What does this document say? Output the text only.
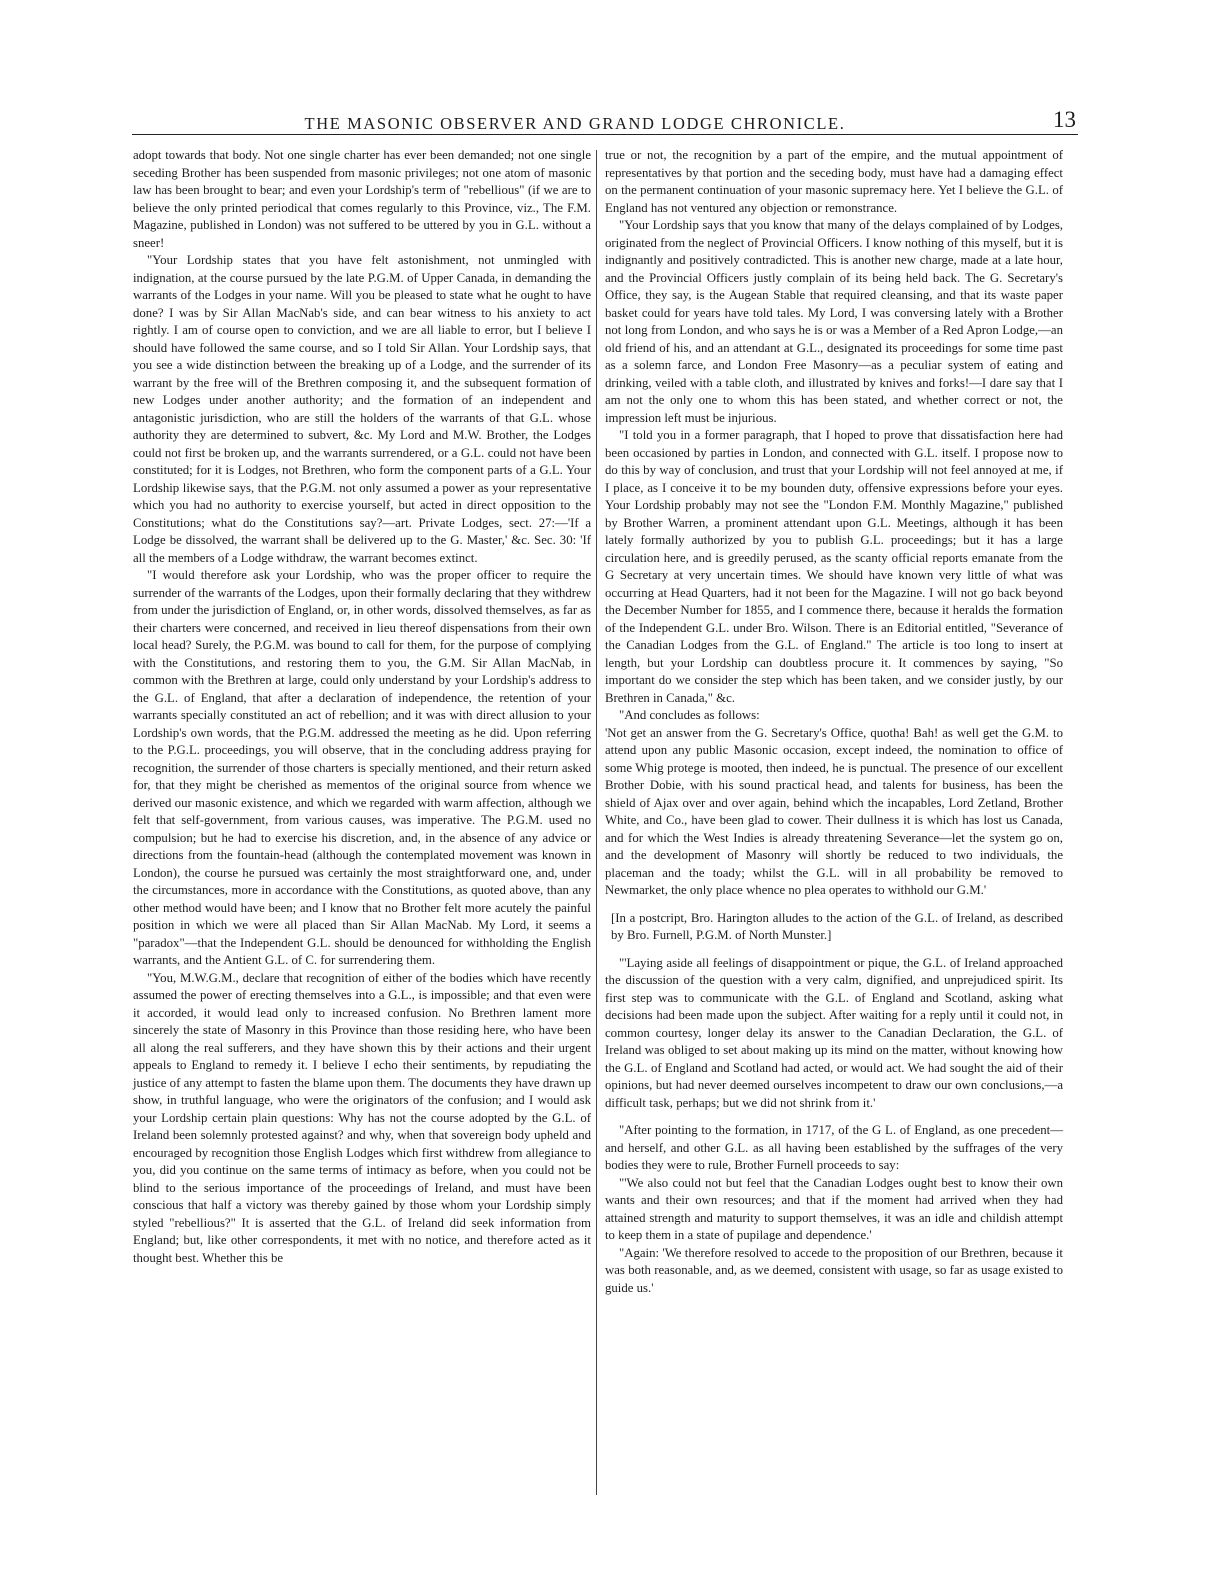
THE MASONIC OBSERVER AND GRAND LODGE CHRONICLE.	13

adopt towards that body. Not one single charter has ever been demanded; not one single seceding Brother has been suspended from masonic privileges; not one atom of masonic law has been brought to bear; and even your Lordship's term of "rebellious" (if we are to believe the only printed periodical that comes regularly to this Province, viz., The F.M. Magazine, published in London) was not suffered to be uttered by you in G.L. without a sneer!

"Your Lordship states that you have felt astonishment, not unmingled with indignation, at the course pursued by the late P.G.M. of Upper Canada, in demanding the warrants of the Lodges in your name. Will you be pleased to state what he ought to have done? I was by Sir Allan MacNab's side, and can bear witness to his anxiety to act rightly. I am of course open to conviction, and we are all liable to error, but I believe I should have followed the same course, and so I told Sir Allan. Your Lordship says, that you see a wide distinction between the breaking up of a Lodge, and the surrender of its warrant by the free will of the Brethren composing it, and the subsequent formation of new Lodges under another authority; and the formation of an independent and antagonistic jurisdiction, who are still the holders of the warrants of that G.L. whose authority they are determined to subvert, &c. My Lord and M.W. Brother, the Lodges could not first be broken up, and the warrants surrendered, or a G.L. could not have been constituted; for it is Lodges, not Brethren, who form the component parts of a G.L. Your Lordship likewise says, that the P.G.M. not only assumed a power as your representative which you had no authority to exercise yourself, but acted in direct opposition to the Constitutions; what do the Constitutions say?—art. Private Lodges, sect. 27:—'If a Lodge be dissolved, the warrant shall be delivered up to the G. Master,' &c. Sec. 30: 'If all the members of a Lodge withdraw, the warrant becomes extinct.

"I would therefore ask your Lordship, who was the proper officer to require the surrender of the warrants of the Lodges, upon their formally declaring that they withdrew from under the jurisdiction of England, or, in other words, dissolved themselves, as far as their charters were concerned, and received in lieu thereof dispensations from their own local head? Surely, the P.G.M. was bound to call for them, for the purpose of complying with the Constitutions, and restoring them to you, the G.M. Sir Allan MacNab, in common with the Brethren at large, could only understand by your Lordship's address to the G.L. of England, that after a declaration of independence, the retention of your warrants specially constituted an act of rebellion; and it was with direct allusion to your Lordship's own words, that the P.G.M. addressed the meeting as he did. Upon referring to the P.G.L. proceedings, you will observe, that in the concluding address praying for recognition, the surrender of those charters is specially mentioned, and their return asked for, that they might be cherished as mementos of the original source from whence we derived our masonic existence, and which we regarded with warm affection, although we felt that self-government, from various causes, was imperative. The P.G.M. used no compulsion; but he had to exercise his discretion, and, in the absence of any advice or directions from the fountain-head (although the contemplated movement was known in London), the course he pursued was certainly the most straightforward one, and, under the circumstances, more in accordance with the Constitutions, as quoted above, than any other method would have been; and I know that no Brother felt more acutely the painful position in which we were all placed than Sir Allan MacNab. My Lord, it seems a "paradox"—that the Independent G.L. should be denounced for withholding the English warrants, and the Antient G.L. of C. for surrendering them.

"You, M.W.G.M., declare that recognition of either of the bodies which have recently assumed the power of erecting themselves into a G.L., is impossible; and that even were it accorded, it would lead only to increased confusion. No Brethren lament more sincerely the state of Masonry in this Province than those residing here, who have been all along the real sufferers, and they have shown this by their actions and their urgent appeals to England to remedy it. I believe I echo their sentiments, by repudiating the justice of any attempt to fasten the blame upon them. The documents they have drawn up show, in truthful language, who were the originators of the confusion; and I would ask your Lordship certain plain questions: Why has not the course adopted by the G.L. of Ireland been solemnly protested against? and why, when that sovereign body upheld and encouraged by recognition those English Lodges which first withdrew from allegiance to you, did you continue on the same terms of intimacy as before, when you could not be blind to the serious importance of the proceedings of Ireland, and must have been conscious that half a victory was thereby gained by those whom your Lordship simply styled "rebellious?" It is asserted that the G.L. of Ireland did seek information from England; but, like other correspondents, it met with no notice, and therefore acted as it thought best. Whether this be

true or not, the recognition by a part of the empire, and the mutual appointment of representatives by that portion and the seceding body, must have had a damaging effect on the permanent continuation of your masonic supremacy here. Yet I believe the G.L. of England has not ventured any objection or remonstrance.

"Your Lordship says that you know that many of the delays complained of by Lodges, originated from the neglect of Provincial Officers. I know nothing of this myself, but it is indignantly and positively contradicted. This is another new charge, made at a late hour, and the Provincial Officers justly complain of its being held back. The G. Secretary's Office, they say, is the Augean Stable that required cleansing, and that its waste paper basket could for years have told tales. My Lord, I was conversing lately with a Brother not long from London, and who says he is or was a Member of a Red Apron Lodge,—an old friend of his, and an attendant at G.L., designated its proceedings for some time past as a solemn farce, and London Free Masonry—as a peculiar system of eating and drinking, veiled with a table cloth, and illustrated by knives and forks!—I dare say that I am not the only one to whom this has been stated, and whether correct or not, the impression left must be injurious.

"I told you in a former paragraph, that I hoped to prove that dissatisfaction here had been occasioned by parties in London, and connected with G.L. itself. I propose now to do this by way of conclusion, and trust that your Lordship will not feel annoyed at me, if I place, as I conceive it to be my bounden duty, offensive expressions before your eyes. Your Lordship probably may not see the "London F.M. Monthly Magazine," published by Brother Warren, a prominent attendant upon G.L. Meetings, although it has been lately formally authorized by you to publish G.L. proceedings; but it has a large circulation here, and is greedily perused, as the scanty official reports emanate from the G Secretary at very uncertain times. We should have known very little of what was occurring at Head Quarters, had it not been for the Magazine. I will not go back beyond the December Number for 1855, and I commence there, because it heralds the formation of the Independent G.L. under Bro. Wilson. There is an Editorial entitled, "Severance of the Canadian Lodges from the G.L. of England." The article is too long to insert at length, but your Lordship can doubtless procure it. It commences by saying, "So important do we consider the step which has been taken, and we consider justly, by our Brethren in Canada," &c.

"And concludes as follows:

'Not get an answer from the G. Secretary's Office, quotha! Bah! as well get the G.M. to attend upon any public Masonic occasion, except indeed, the nomination to office of some Whig protege is mooted, then indeed, he is punctual. The presence of our excellent Brother Dobie, with his sound practical head, and talents for business, has been the shield of Ajax over and over again, behind which the incapables, Lord Zetland, Brother White, and Co., have been glad to cower. Their dullness it is which has lost us Canada, and for which the West Indies is already threatening Severance—let the system go on, and the development of Masonry will shortly be reduced to two individuals, the placeman and the toady; whilst the G.L. will in all probability be removed to Newmarket, the only place whence no plea operates to withhold our G.M.'

[In a postcript, Bro. Harington alludes to the action of the G.L. of Ireland, as described by Bro. Furnell, P.G.M. of North Munster.]

"'Laying aside all feelings of disappointment or pique, the G.L. of Ireland approached the discussion of the question with a very calm, dignified, and unprejudiced spirit. Its first step was to communicate with the G.L. of England and Scotland, asking what decisions had been made upon the subject. After waiting for a reply until it could not, in common courtesy, longer delay its answer to the Canadian Declaration, the G.L. of Ireland was obliged to set about making up its mind on the matter, without knowing how the G.L. of England and Scotland had acted, or would act. We had sought the aid of their opinions, but had never deemed ourselves incompetent to draw our own conclusions,—a difficult task, perhaps; but we did not shrink from it.'

"After pointing to the formation, in 1717, of the G L. of England, as one precedent—and herself, and other G.L. as all having been established by the suffrages of the very bodies they were to rule, Brother Furnell proceeds to say:

"'We also could not but feel that the Canadian Lodges ought best to know their own wants and their own resources; and that if the moment had arrived when they had attained strength and maturity to support themselves, it was an idle and childish attempt to keep them in a state of pupilage and dependence.'

"Again: 'We therefore resolved to accede to the proposition of our Brethren, because it was both reasonable, and, as we deemed, consistent with usage, so far as usage existed to guide us.'
